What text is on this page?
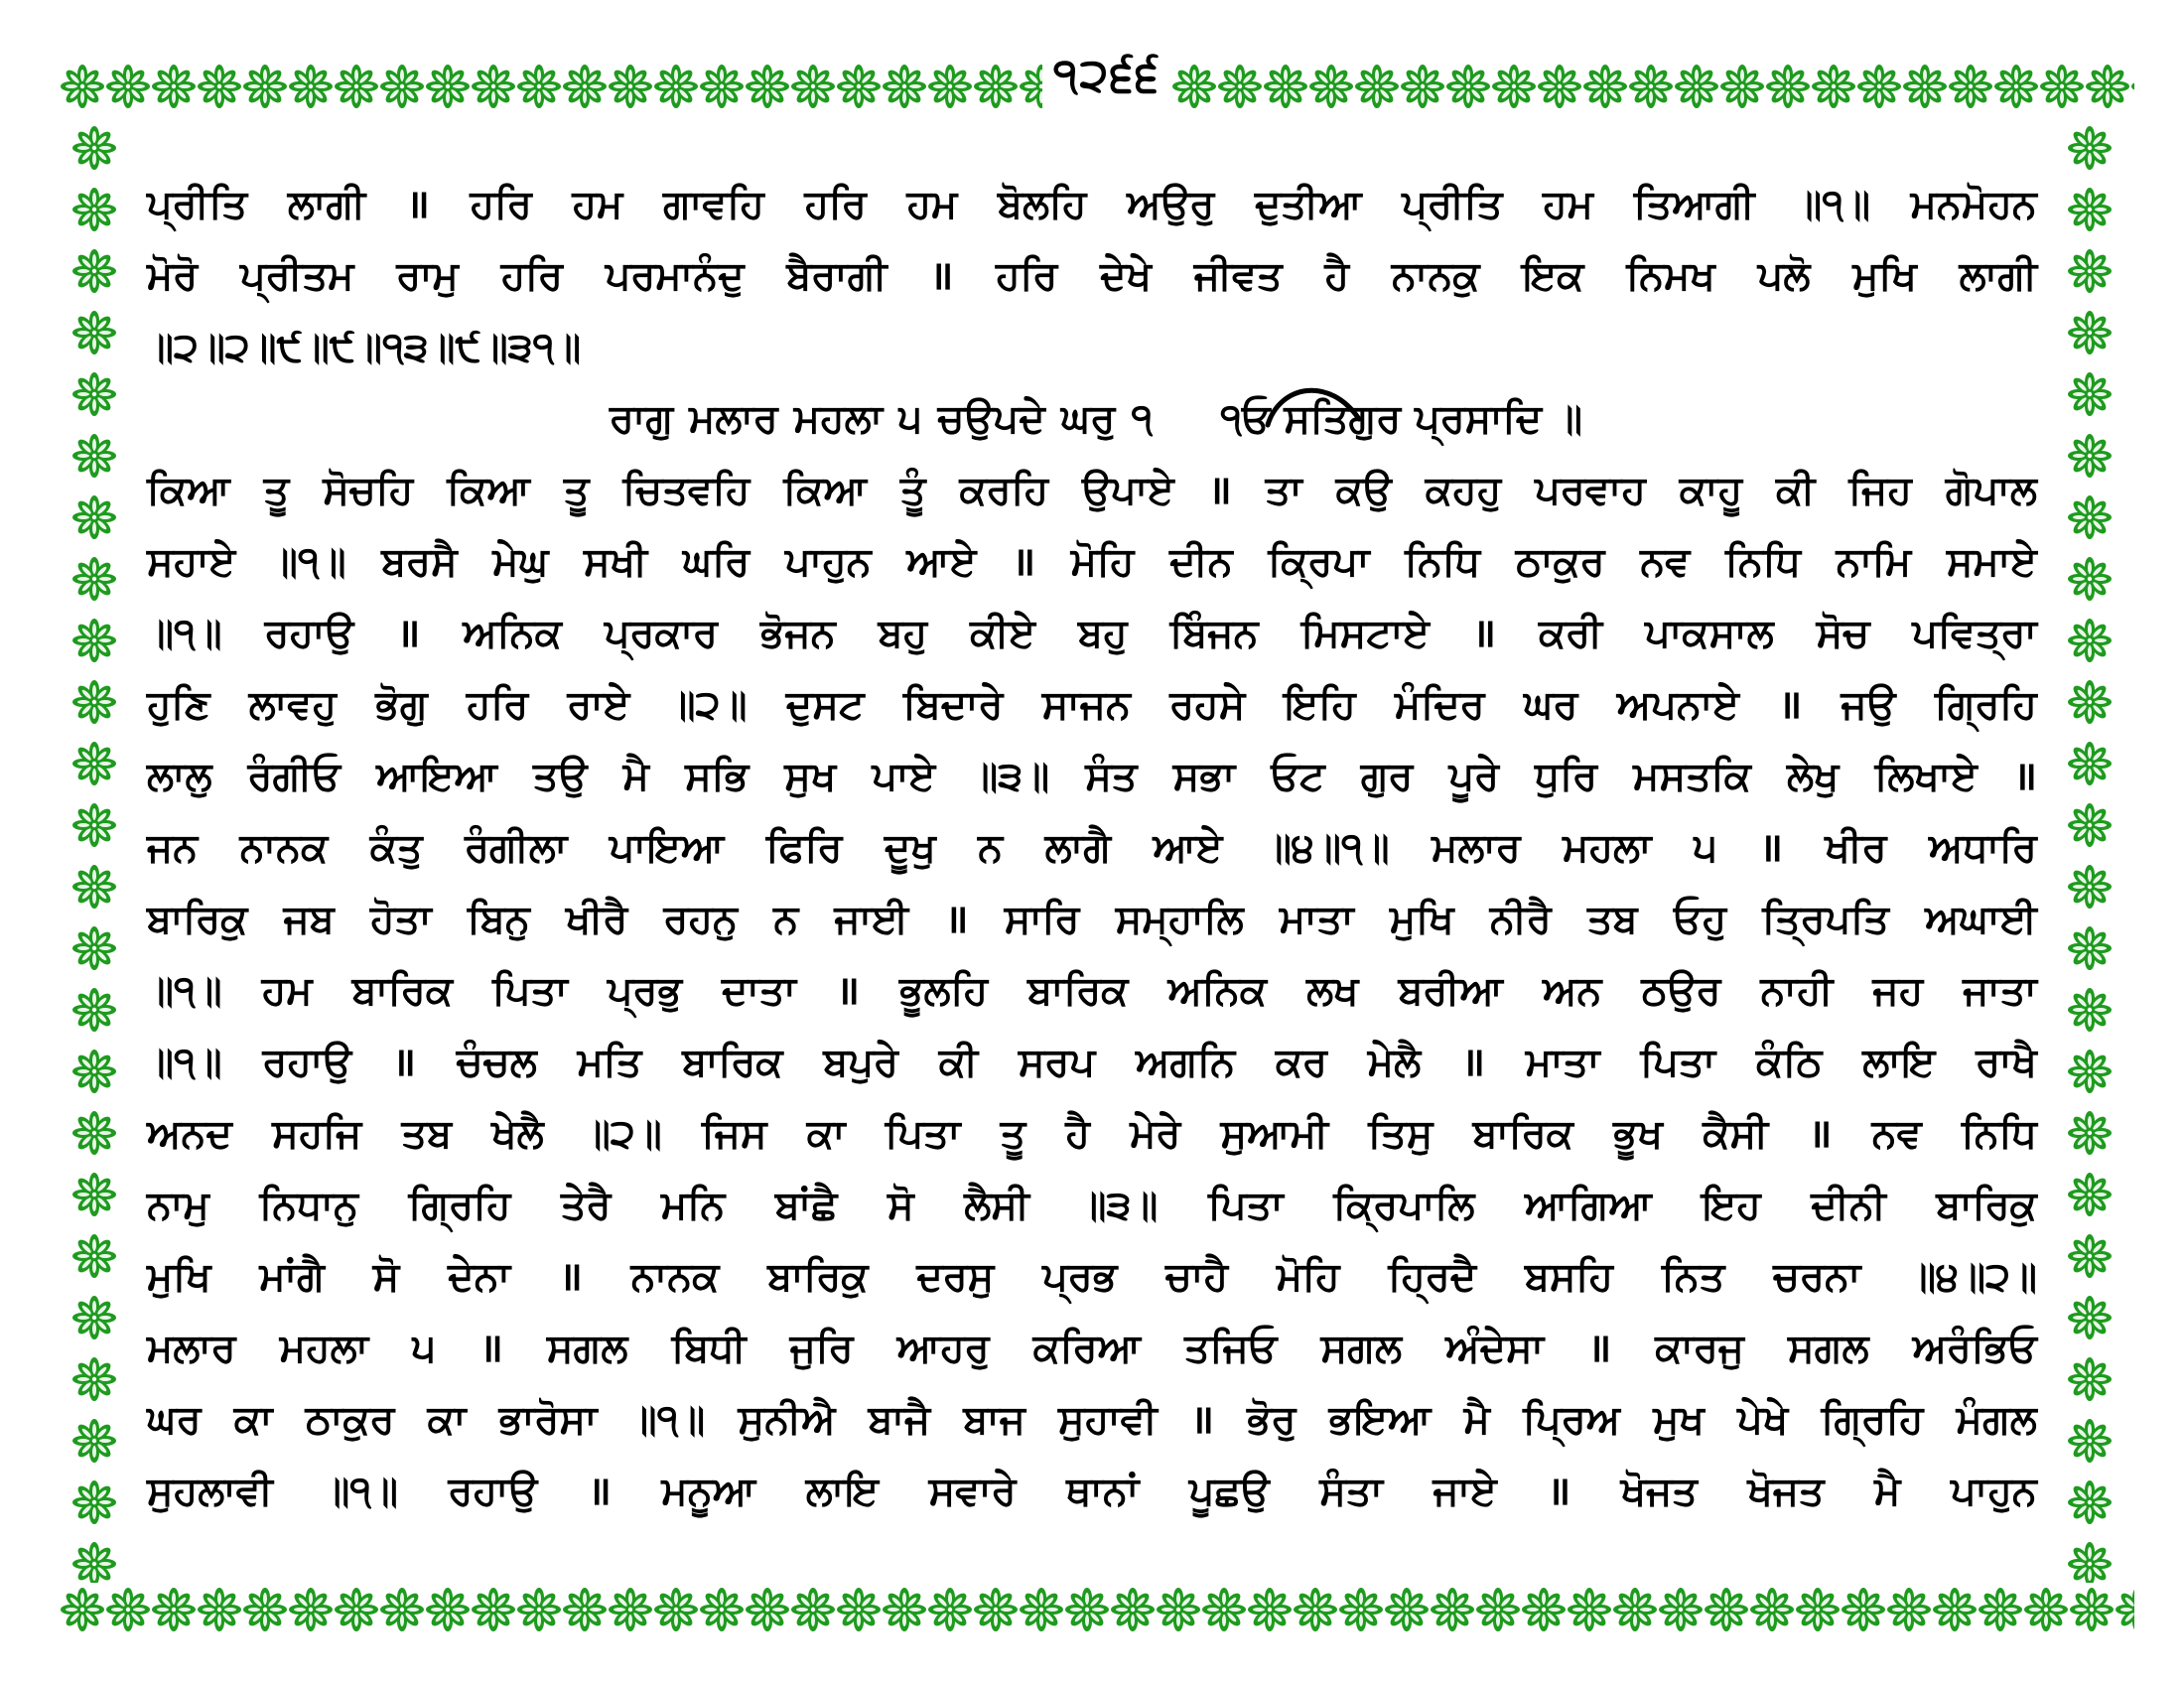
੧੨੬੬
ਪ੍ਰੀਤਿ ਲਾਗੀ ॥ ਹਰਿ ਹਮ ਗਾਵਹਿ ਹਰਿ ਹਮ ਬੋਲਹਿ ਅਉਰੁ ਦੁਤੀਆ ਪ੍ਰੀਤਿ ਹਮ ਤਿਆਗੀ ॥੧॥ ਮਨਮੋਹਨ
ਮੋਰੋ ਪ੍ਰੀਤਮ ਰਾਮੁ ਹਰਿ ਪਰਮਾਨੰਦੁ ਬੈਰਾਗੀ ॥ ਹਰਿ ਦੇਖੇ ਜੀਵਤ ਹੈ ਨਾਨਕੁ ਇਕ ਨਿਮਖ ਪਲੋ ਮੁਖਿ ਲਾਗੀ
॥੨॥੨॥੯॥੯॥੧੩॥੯॥੩੧॥
ਰਾਗੁ ਮਲਾਰ ਮਹਲਾ ੫ ਚਉਪਦੇ ਘਰੁ ੧ ੧ਓ ਸਤਿਗੁਰ ਪ੍ਰਸਾਦਿ ॥
ਕਿਆ ਤੂ ਸੋਚਹਿ ਕਿਆ ਤੂ ਚਿਤਵਹਿ ਕਿਆ ਤੂੰ ਕਰਹਿ ਉਪਾਏ ॥ ਤਾ ਕਉ ਕਹਹੁ ਪਰਵਾਹ ਕਾਹੂ ਕੀ ਜਿਹ ਗੋਪਾਲ
ਸਹਾਏ ॥੧॥ ਬਰਸੈ ਮੇਘੁ ਸਖੀ ਘਰਿ ਪਾਹੁਨ ਆਏ ॥ ਮੋਹਿ ਦੀਨ ਕ੍ਰਿਪਾ ਨਿਧਿ ਠਾਕੁਰ ਨਵ ਨਿਧਿ ਨਾਮਿ ਸਮਾਏ
॥੧॥ ਰਹਾਉ ॥ ਅਨਿਕ ਪ੍ਰਕਾਰ ਭੋਜਨ ਬਹੁ ਕੀਏ ਬਹੁ ਬਿੰਜਨ ਮਿਸਟਾਏ ॥ ਕਰੀ ਪਾਕਸਾਲ ਸੋਚ ਪਵਿਤ੍ਰਾ
ਹੁਣਿ ਲਾਵਹੁ ਭੋਗੁ ਹਰਿ ਰਾਏ ॥੨॥ ਦੁਸਟ ਬਿਦਾਰੇ ਸਾਜਨ ਰਹਸੇ ਇਹਿ ਮੰਦਿਰ ਘਰ ਅਪਨਾਏ ॥ ਜਉ ਗ੍ਰਿਹਿ
ਲਾਲੁ ਰੰਗੀਓ ਆਇਆ ਤਉ ਮੈ ਸਭਿ ਸੁਖ ਪਾਏ ॥੩॥ ਸੰਤ ਸਭਾ ਓਟ ਗੁਰ ਪੂਰੇ ਧੁਰਿ ਮਸਤਕਿ ਲੇਖੁ ਲਿਖਾਏ ॥
ਜਨ ਨਾਨਕ ਕੰਤੁ ਰੰਗੀਲਾ ਪਾਇਆ ਫਿਰਿ ਦੂਖੁ ਨ ਲਾਗੈ ਆਏ ॥੪॥੧॥ ਮਲਾਰ ਮਹਲਾ ੫ ॥ ਖੀਰ ਅਧਾਰਿ
ਬਾਰਿਕੁ ਜਬ ਹੋਤਾ ਬਿਨੁ ਖੀਰੈ ਰਹਨੁ ਨ ਜਾਈ ॥ ਸਾਰਿ ਸਮ੍ਹਾਲਿ ਮਾਤਾ ਮੁਖਿ ਨੀਰੈ ਤਬ ਓਹੁ ਤ੍ਰਿਪਤਿ ਅਘਾਈ
॥੧॥ ਹਮ ਬਾਰਿਕ ਪਿਤਾ ਪ੍ਰਭੁ ਦਾਤਾ ॥ ਭੂਲਹਿ ਬਾਰਿਕ ਅਨਿਕ ਲਖ ਬਰੀਆ ਅਨ ਠਉਰ ਨਾਹੀ ਜਹ ਜਾਤਾ
॥੧॥ ਰਹਾਉ ॥ ਚੰਚਲ ਮਤਿ ਬਾਰਿਕ ਬਪੁਰੇ ਕੀ ਸਰਪ ਅਗਨਿ ਕਰ ਮੇਲੈ ॥ ਮਾਤਾ ਪਿਤਾ ਕੰਠਿ ਲਾਇ ਰਾਖੈ
ਅਨਦ ਸਹਜਿ ਤਬ ਖੇਲੈ ॥੨॥ ਜਿਸ ਕਾ ਪਿਤਾ ਤੂ ਹੈ ਮੇਰੇ ਸੁਆਮੀ ਤਿਸੁ ਬਾਰਿਕ ਭੂਖ ਕੈਸੀ ॥ ਨਵ ਨਿਧਿ
ਨਾਮੁ ਨਿਧਾਨੁ ਗ੍ਰਿਹਿ ਤੇਰੈ ਮਨਿ ਬਾਂਛੈ ਸੋ ਲੈਸੀ ॥੩॥ ਪਿਤਾ ਕ੍ਰਿਪਾਲਿ ਆਗਿਆ ਇਹ ਦੀਨੀ ਬਾਰਿਕੁ
ਮੁਖਿ ਮਾਂਗੈ ਸੋ ਦੇਨਾ ॥ ਨਾਨਕ ਬਾਰਿਕੁ ਦਰਸੁ ਪ੍ਰਭ ਚਾਹੈ ਮੋਹਿ ਹ੍ਰਿਦੈ ਬਸਹਿ ਨਿਤ ਚਰਨਾ ॥੪॥੨॥
ਮਲਾਰ ਮਹਲਾ ੫ ॥ ਸਗਲ ਬਿਧੀ ਜੁਰਿ ਆਹਰੁ ਕਰਿਆ ਤਜਿਓ ਸਗਲ ਅੰਦੇਸਾ ॥ ਕਾਰਜੁ ਸਗਲ ਅਰੰਭਿਓ
ਘਰ ਕਾ ਠਾਕੁਰ ਕਾ ਭਾਰੋਸਾ ॥੧॥ ਸੁਨੀਐ ਬਾਜੈ ਬਾਜ ਸੁਹਾਵੀ ॥ ਭੋਰੁ ਭਇਆ ਮੈ ਪ੍ਰਿਅ ਮੁਖ ਪੇਖੇ ਗ੍ਰਿਹਿ ਮੰਗਲ
ਸੁਹਲਾਵੀ ॥੧॥ ਰਹਾਉ ॥ ਮਨੂਆ ਲਾਇ ਸਵਾਰੇ ਥਾਨਾਂ ਪੂਛਉ ਸੰਤਾ ਜਾਏ ॥ ਖੋਜਤ ਖੋਜਤ ਮੈ ਪਾਹੁਨ
